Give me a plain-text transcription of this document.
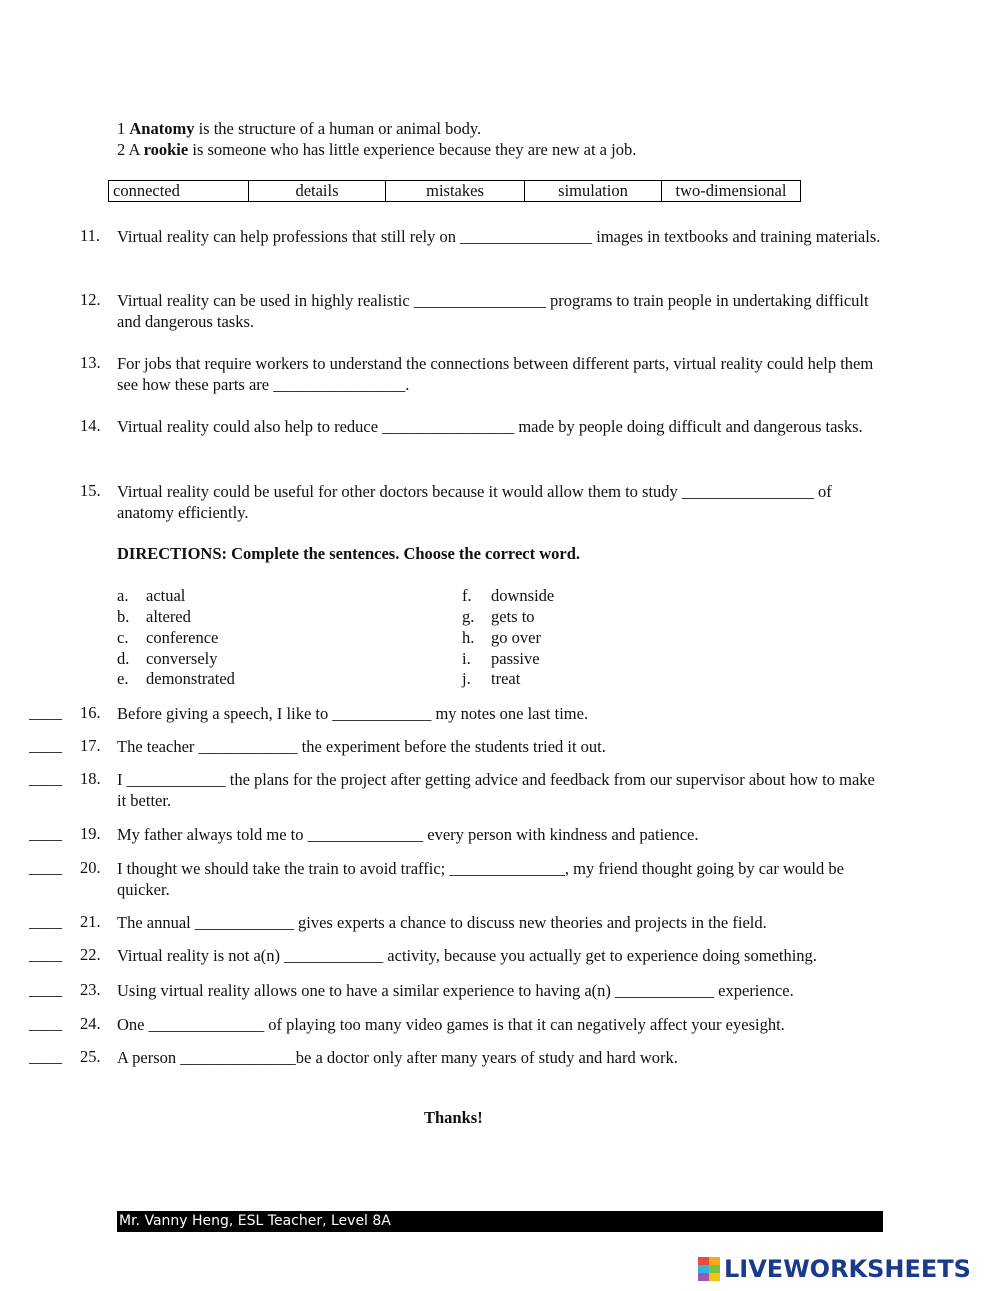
1 Anatomy is the structure of a human or animal body.
2 A rookie is someone who has little experience because they are new at a job.
connected	details	mistakes	simulation	two-dimensional
11.	Virtual reality can help professions that still rely on ________________ images in textbooks and training materials.
12. Virtual reality can be used in highly realistic ________________ programs to train people in undertaking difficult and dangerous tasks.
13. For jobs that require workers to understand the connections between different parts, virtual reality could help them see how these parts are ________________.
14. Virtual reality could also help to reduce ________________ made by people doing difficult and dangerous tasks.
15. Virtual reality could be useful for other doctors because it would allow them to study ________________ of anatomy efficiently.
DIRECTIONS: Complete the sentences. Choose the correct word.
a. actual
b. altered
c. conference
d. conversely
e. demonstrated
f. downside
g. gets to
h. go over
i. passive
j. treat
____ 16. Before giving a speech, I like to ____________ my notes one last time.
____ 17. The teacher ____________ the experiment before the students tried it out.
____ 18. I ____________ the plans for the project after getting advice and feedback from our supervisor about how to make it better.
____ 19. My father always told me to ______________ every person with kindness and patience.
____ 20. I thought we should take the train to avoid traffic; ______________, my friend thought going by car would be quicker.
____ 21. The annual ____________ gives experts a chance to discuss new theories and projects in the field.
____ 22. Virtual reality is not a(n) ____________ activity, because you actually get to experience doing something.
____ 23. Using virtual reality allows one to have a similar experience to having a(n) ____________ experience.
____ 24. One ______________ of playing too many video games is that it can negatively affect your eyesight.
____ 25. A person ______________be a doctor only after many years of study and hard work.
Thanks!
Mr. Vanny Heng, ESL Teacher, Level 8A
LIVEWORKSHEETS
